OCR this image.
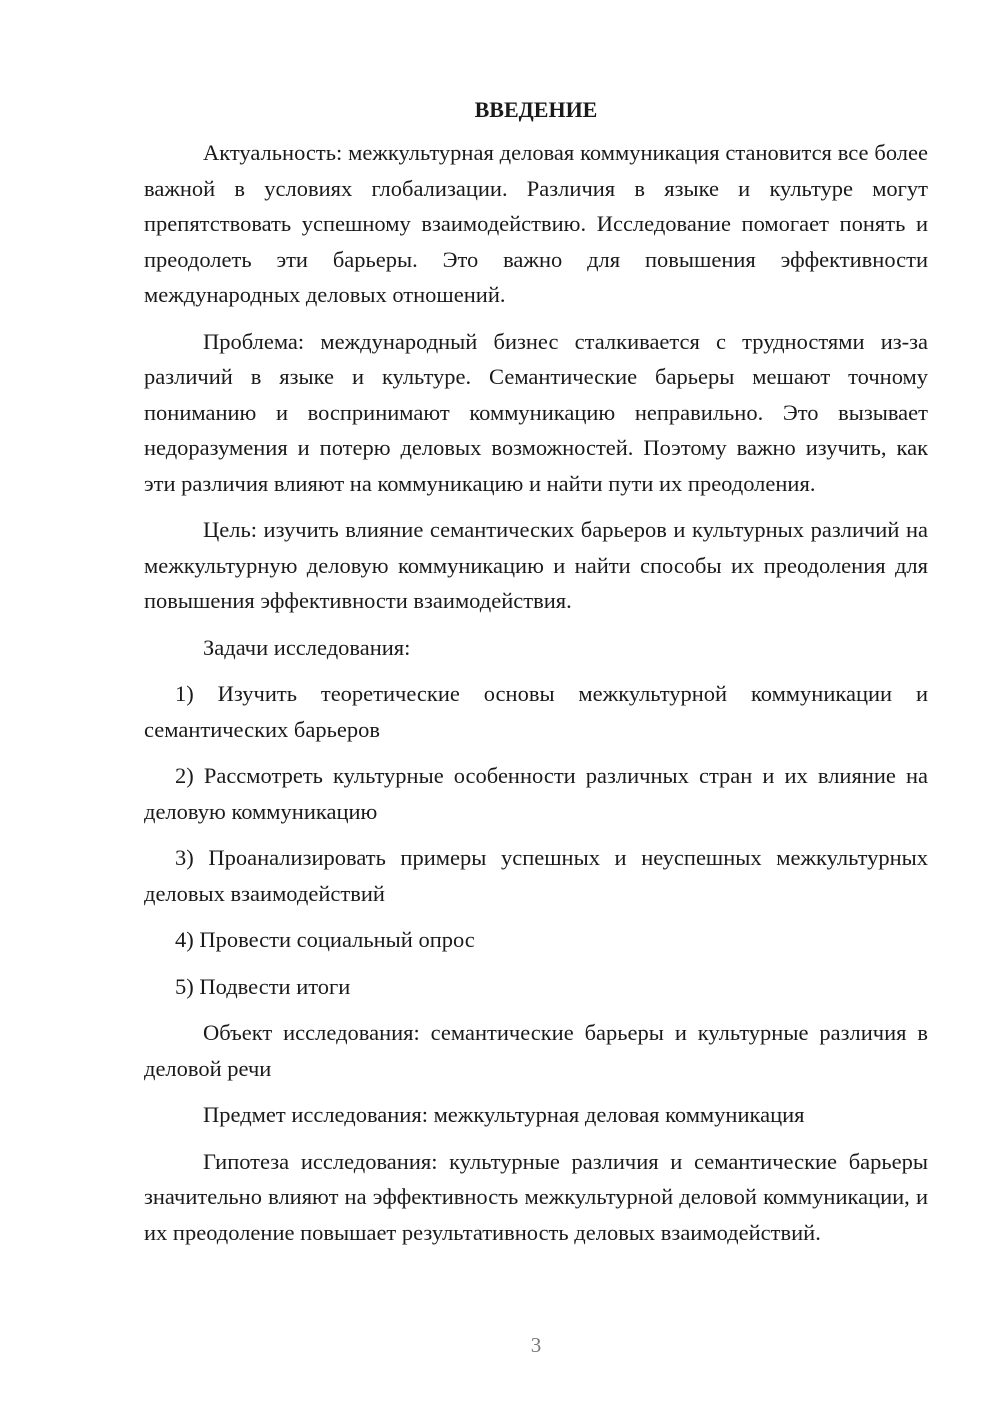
ВВЕДЕНИЕ

Актуальность: межкультурная деловая коммуникация становится все более важной в условиях глобализации. Различия в языке и культуре могут препятствовать успешному взаимодействию. Исследование помогает понять и преодолеть эти барьеры. Это важно для повышения эффективности международных деловых отношений.

Проблема: международный бизнес сталкивается с трудностями из-за различий в языке и культуре. Семантические барьеры мешают точному пониманию и воспринимают коммуникацию неправильно. Это вызывает недоразумения и потерю деловых возможностей. Поэтому важно изучить, как эти различия влияют на коммуникацию и найти пути их преодоления.

Цель: изучить влияние семантических барьеров и культурных различий на межкультурную деловую коммуникацию и найти способы их преодоления для повышения эффективности взаимодействия.

Задачи исследования:

1) Изучить теоретические основы межкультурной коммуникации и семантических барьеров

2) Рассмотреть культурные особенности различных стран и их влияние на деловую коммуникацию

3) Проанализировать примеры успешных и неуспешных межкультурных деловых взаимодействий

4) Провести социальный опрос

5) Подвести итоги

Объект исследования: семантические барьеры и культурные различия в деловой речи

Предмет исследования: межкультурная деловая коммуникация

Гипотеза исследования: культурные различия и семантические барьеры значительно влияют на эффективность межкультурной деловой коммуникации, и их преодоление повышает результативность деловых взаимодействий.

3
